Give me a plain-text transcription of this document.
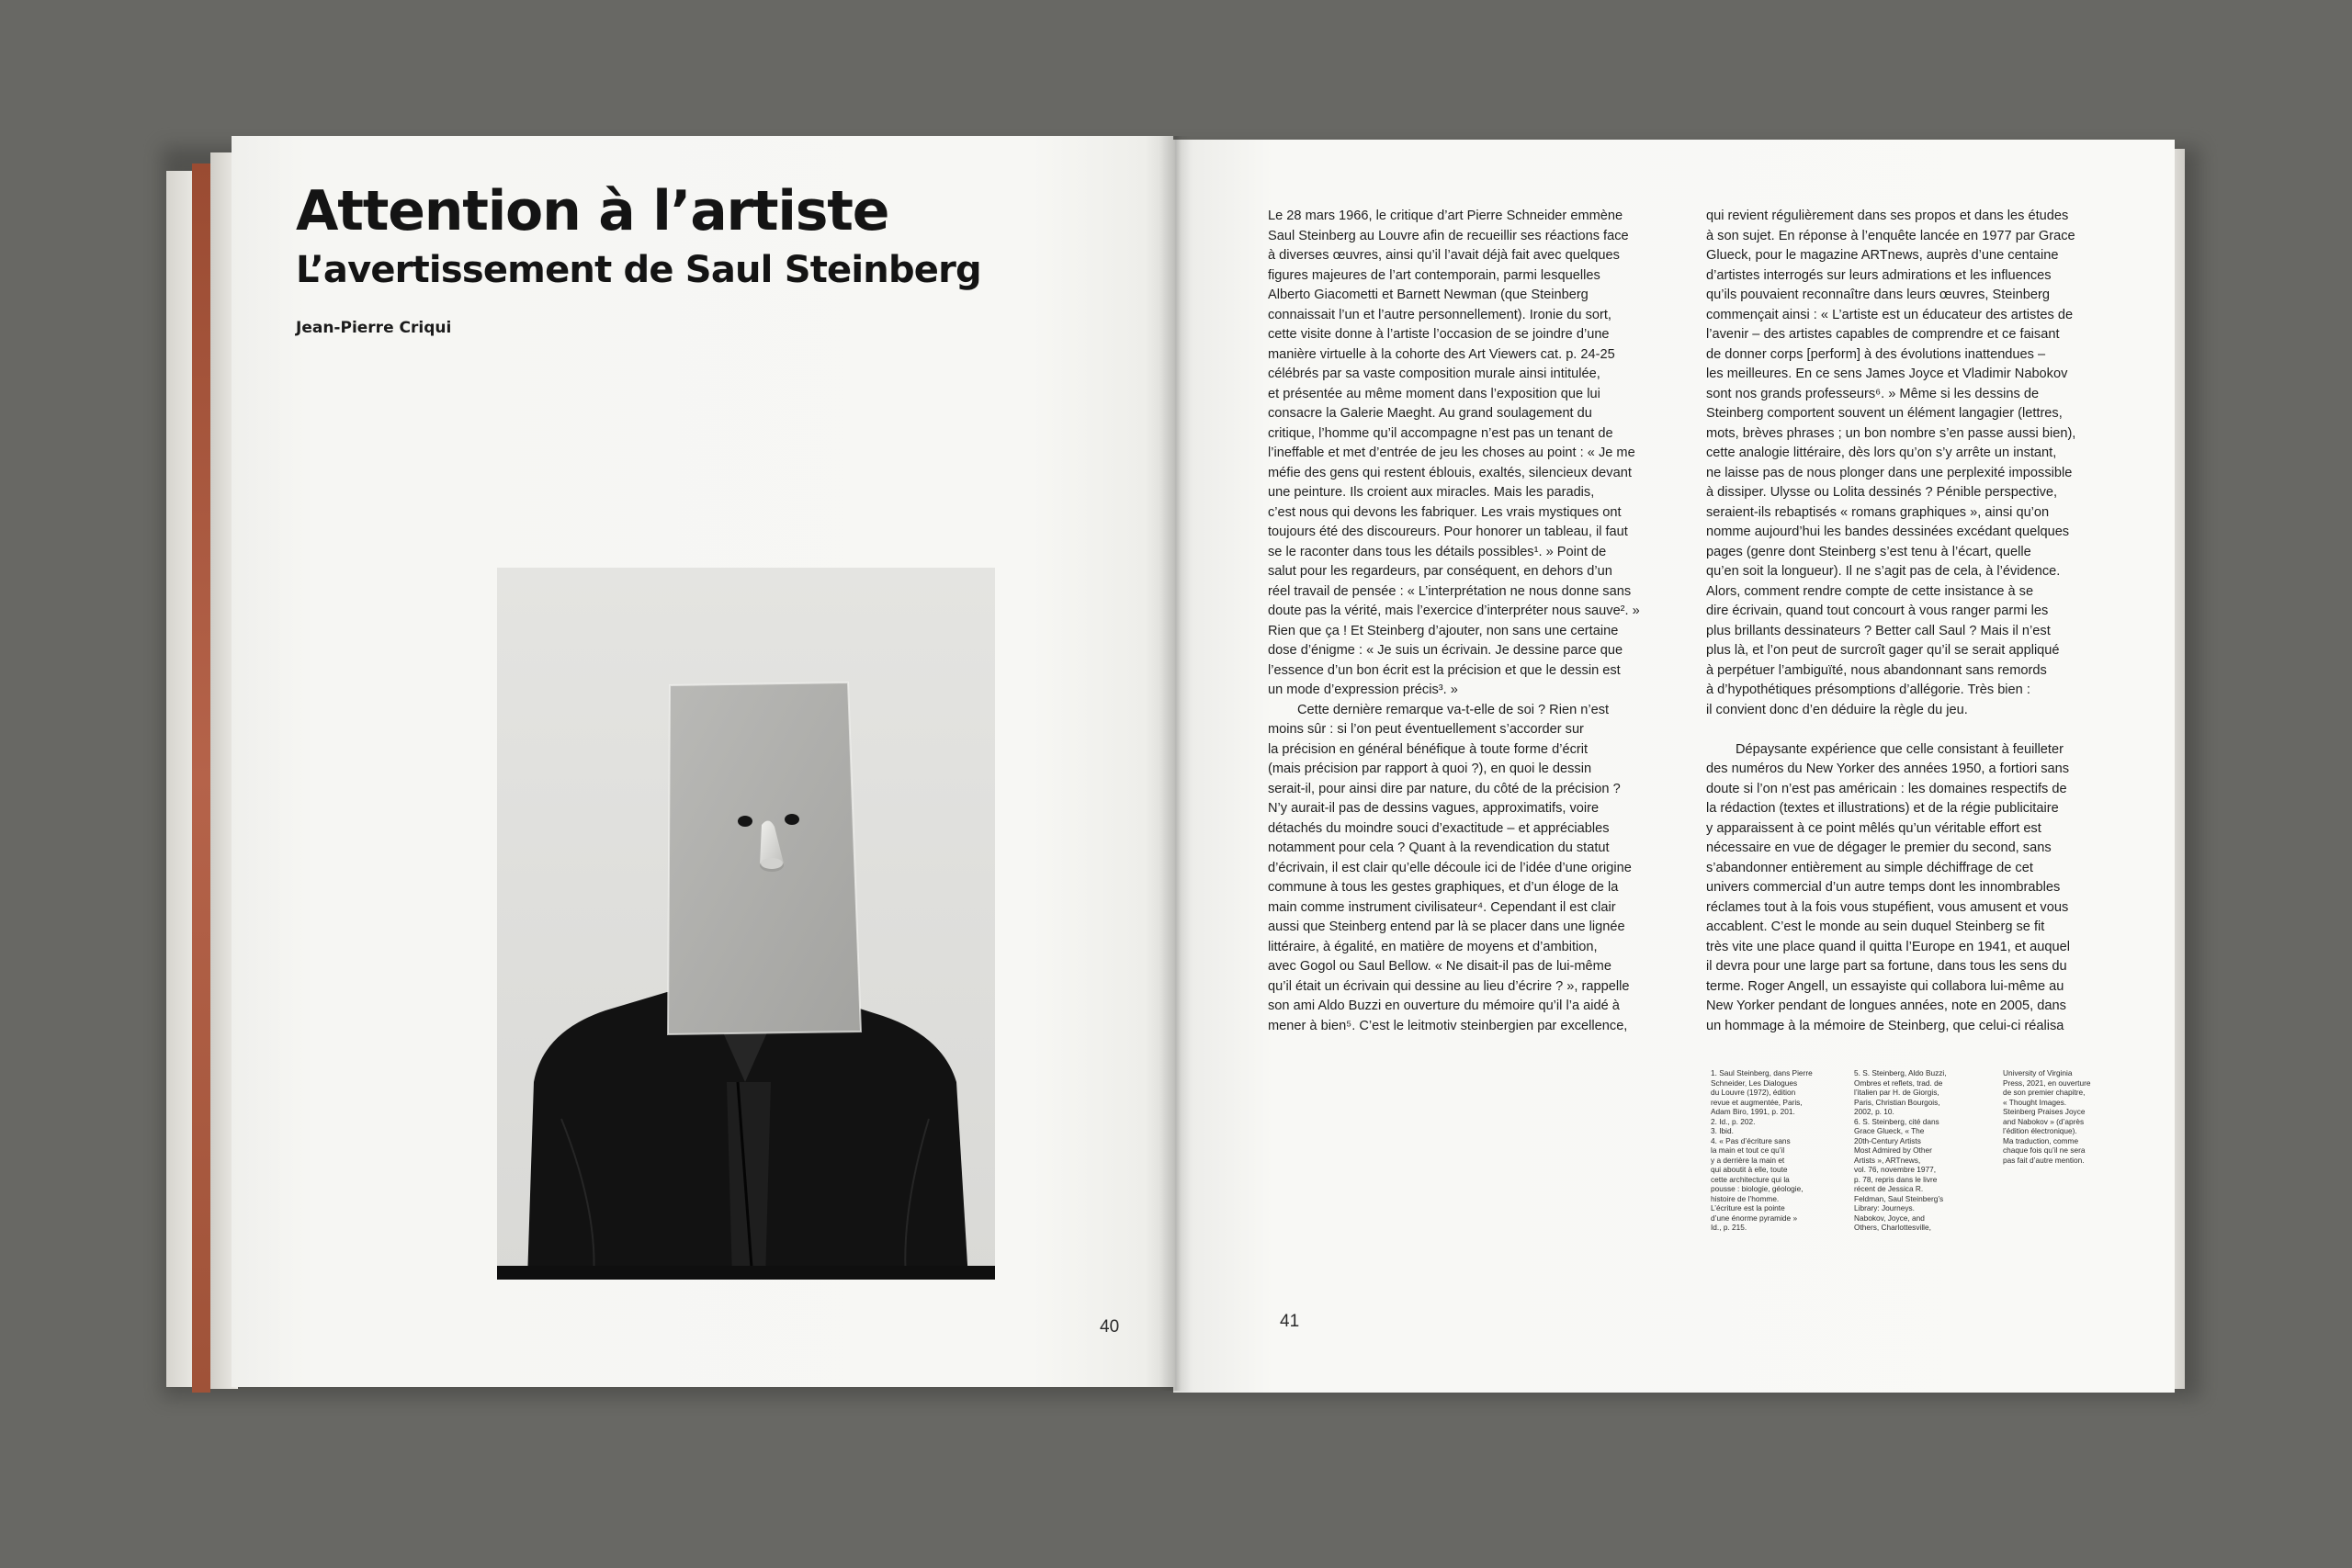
Attention à l’artiste
L’avertissement de Saul Steinberg
Jean-Pierre Criqui
40
Le 28 mars 1966, le critique d’art Pierre Schneider emmène
Saul Steinberg au Louvre afin de recueillir ses réactions face
à diverses œuvres, ainsi qu’il l’avait déjà fait avec quelques
figures majeures de l’art contemporain, parmi lesquelles
Alberto Giacometti et Barnett Newman (que Steinberg
connaissait l’un et l’autre personnellement). Ironie du sort,
cette visite donne à l’artiste l’occasion de se joindre d’une
manière virtuelle à la cohorte des Art Viewers cat. p. 24-25
célébrés par sa vaste composition murale ainsi intitulée,
et présentée au même moment dans l’exposition que lui
consacre la Galerie Maeght. Au grand soulagement du
critique, l’homme qu’il accompagne n’est pas un tenant de
l’ineffable et met d’entrée de jeu les choses au point : « Je me
méfie des gens qui restent éblouis, exaltés, silencieux devant
une peinture. Ils croient aux miracles. Mais les paradis,
c’est nous qui devons les fabriquer. Les vrais mystiques ont
toujours été des discoureurs. Pour honorer un tableau, il faut
se le raconter dans tous les détails possibles¹. » Point de
salut pour les regardeurs, par conséquent, en dehors d’un
réel travail de pensée : « L’interprétation ne nous donne sans
doute pas la vérité, mais l’exercice d’interpréter nous sauve². »
Rien que ça ! Et Steinberg d’ajouter, non sans une certaine
dose d’énigme : « Je suis un écrivain. Je dessine parce que
l’essence d’un bon écrit est la précision et que le dessin est
un mode d’expression précis³. »
Cette dernière remarque va-t-elle de soi ? Rien n’est
moins sûr : si l’on peut éventuellement s’accorder sur
la précision en général bénéfique à toute forme d’écrit
(mais précision par rapport à quoi ?), en quoi le dessin
serait-il, pour ainsi dire par nature, du côté de la précision ?
N’y aurait-il pas de dessins vagues, approximatifs, voire
détachés du moindre souci d’exactitude – et appréciables
notamment pour cela ? Quant à la revendication du statut
d’écrivain, il est clair qu’elle découle ici de l’idée d’une origine
commune à tous les gestes graphiques, et d’un éloge de la
main comme instrument civilisateur⁴. Cependant il est clair
aussi que Steinberg entend par là se placer dans une lignée
littéraire, à égalité, en matière de moyens et d’ambition,
avec Gogol ou Saul Bellow. « Ne disait-il pas de lui-même
qu’il était un écrivain qui dessine au lieu d’écrire ? », rappelle
son ami Aldo Buzzi en ouverture du mémoire qu’il l’a aidé à
mener à bien⁵. C’est le leitmotiv steinbergien par excellence,
qui revient régulièrement dans ses propos et dans les études
à son sujet. En réponse à l’enquête lancée en 1977 par Grace
Glueck, pour le magazine ARTnews, auprès d’une centaine
d’artistes interrogés sur leurs admirations et les influences
qu’ils pouvaient reconnaître dans leurs œuvres, Steinberg
commençait ainsi : « L’artiste est un éducateur des artistes de
l’avenir – des artistes capables de comprendre et ce faisant
de donner corps [perform] à des évolutions inattendues –
les meilleures. En ce sens James Joyce et Vladimir Nabokov
sont nos grands professeurs⁶. » Même si les dessins de
Steinberg comportent souvent un élément langagier (lettres,
mots, brèves phrases ; un bon nombre s’en passe aussi bien),
cette analogie littéraire, dès lors qu’on s’y arrête un instant,
ne laisse pas de nous plonger dans une perplexité impossible
à dissiper. Ulysse ou Lolita dessinés ? Pénible perspective,
seraient-ils rebaptisés « romans graphiques », ainsi qu’on
nomme aujourd’hui les bandes dessinées excédant quelques
pages (genre dont Steinberg s’est tenu à l’écart, quelle
qu’en soit la longueur). Il ne s’agit pas de cela, à l’évidence.
Alors, comment rendre compte de cette insistance à se
dire écrivain, quand tout concourt à vous ranger parmi les
plus brillants dessinateurs ? Better call Saul ? Mais il n’est
plus là, et l’on peut de surcroît gager qu’il se serait appliqué
à perpétuer l’ambiguïté, nous abandonnant sans remords
à d’hypothétiques présomptions d’allégorie. Très bien :
il convient donc d’en déduire la règle du jeu.
Dépaysante expérience que celle consistant à feuilleter
des numéros du New Yorker des années 1950, a fortiori sans
doute si l’on n’est pas américain : les domaines respectifs de
la rédaction (textes et illustrations) et de la régie publicitaire
y apparaissent à ce point mêlés qu’un véritable effort est
nécessaire en vue de dégager le premier du second, sans
s’abandonner entièrement au simple déchiffrage de cet
univers commercial d’un autre temps dont les innombrables
réclames tout à la fois vous stupéfient, vous amusent et vous
accablent. C’est le monde au sein duquel Steinberg se fit
très vite une place quand il quitta l’Europe en 1941, et auquel
il devra pour une large part sa fortune, dans tous les sens du
terme. Roger Angell, un essayiste qui collabora lui-même au
New Yorker pendant de longues années, note en 2005, dans
un hommage à la mémoire de Steinberg, que celui-ci réalisa
1. Saul Steinberg, dans Pierre
Schneider, Les Dialogues
du Louvre (1972), édition
revue et augmentée, Paris,
Adam Biro, 1991, p. 201.
2. Id., p. 202.
3. Ibid.
4. « Pas d’écriture sans
la main et tout ce qu’il
y a derrière la main et
qui aboutit à elle, toute
cette architecture qui la
pousse : biologie, géologie,
histoire de l’homme.
L’écriture est la pointe
d’une énorme pyramide »
Id., p. 215.
5. S. Steinberg, Aldo Buzzi,
Ombres et reflets, trad. de
l’italien par H. de Giorgis,
Paris, Christian Bourgois,
2002, p. 10.
6. S. Steinberg, cité dans
Grace Glueck, « The
20th-Century Artists
Most Admired by Other
Artists », ARTnews,
vol. 76, novembre 1977,
p. 78, repris dans le livre
récent de Jessica R.
Feldman, Saul Steinberg’s
Library: Journeys.
Nabokov, Joyce, and
Others, Charlottesville,
University of Virginia
Press, 2021, en ouverture
de son premier chapitre,
« Thought Images.
Steinberg Praises Joyce
and Nabokov » (d’après
l’édition électronique).
Ma traduction, comme
chaque fois qu’il ne sera
pas fait d’autre mention.
41
